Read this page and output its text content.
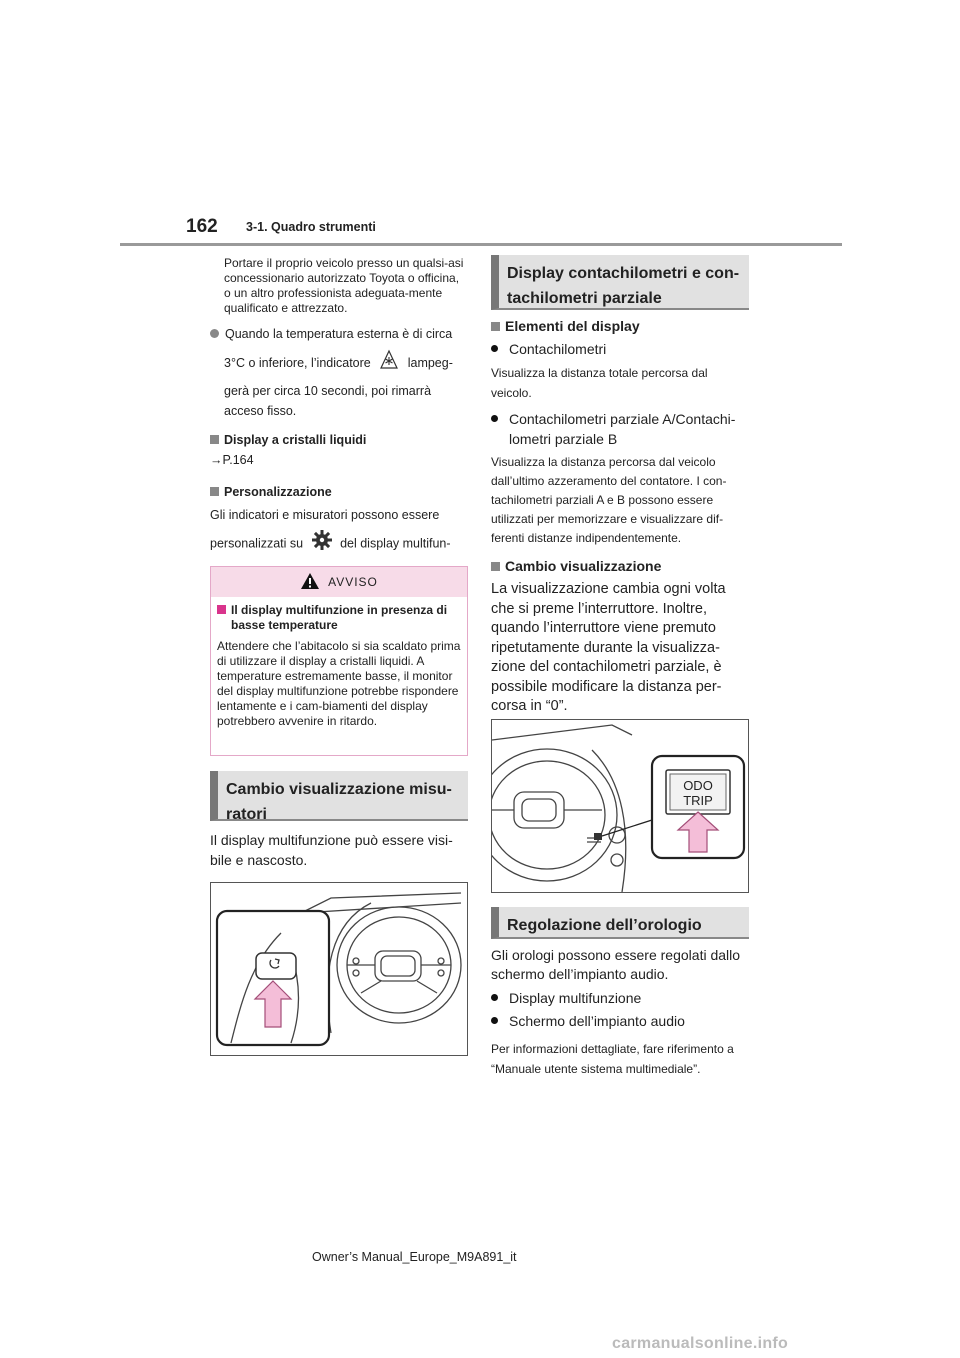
162 3-1. Quadro strumenti

Portare il proprio veicolo presso un qualsi-asi concessionario autorizzato Toyota o officina, o un altro professionista adeguata-mente qualificato e attrezzato.

Quando la temperatura esterna è di circa

3°C o inferiore, l’indicatore	lampeg-

gerà per circa 10 secondi, poi rimarrà

acceso fisso.

Display a cristalli liquidi

→P.164

Personalizzazione

Gli indicatori e misuratori possono essere

personalizzati su	del display multifun-

AVVISO

Il display multifunzione in presenza di basse temperature

Attendere che l’abitacolo si sia scaldato prima di utilizzare il display a cristalli liquidi. A temperature estremamente basse, il monitor del display multifunzione potrebbe rispondere lentamente e i cam-biamenti del display potrebbero avvenire in ritardo.

Cambio visualizzazione misu-ratori

Il display multifunzione può essere visi-bile e nascosto.

Display contachilometri e con-tachilometri parziale

Elementi del display

Contachilometri

Visualizza la distanza totale percorsa dal veicolo.

Contachilometri parziale A/Contachi-lometri parziale B

Visualizza la distanza percorsa dal veicolo dall’ultimo azzeramento del contatore. I con-tachilometri parziali A e B possono essere utilizzati per memorizzare e visualizzare dif-ferenti distanze indipendentemente.

Cambio visualizzazione

La visualizzazione cambia ogni volta che si preme l’interruttore. Inoltre, quando l’interruttore viene premuto ripetutamente durante la visualizza-zione del contachilometri parziale, è possibile modificare la distanza per-corsa in “0”.

ODO
TRIP
Regolazione dell’orologio

Gli orologi possono essere regolati dallo schermo dell’impianto audio.

Display multifunzione

Schermo dell’impianto audio

Per informazioni dettagliate, fare riferimento a “Manuale utente sistema multimediale”.

Owner’s Manual_Europe_M9A891_it
carmanualsonline.info
